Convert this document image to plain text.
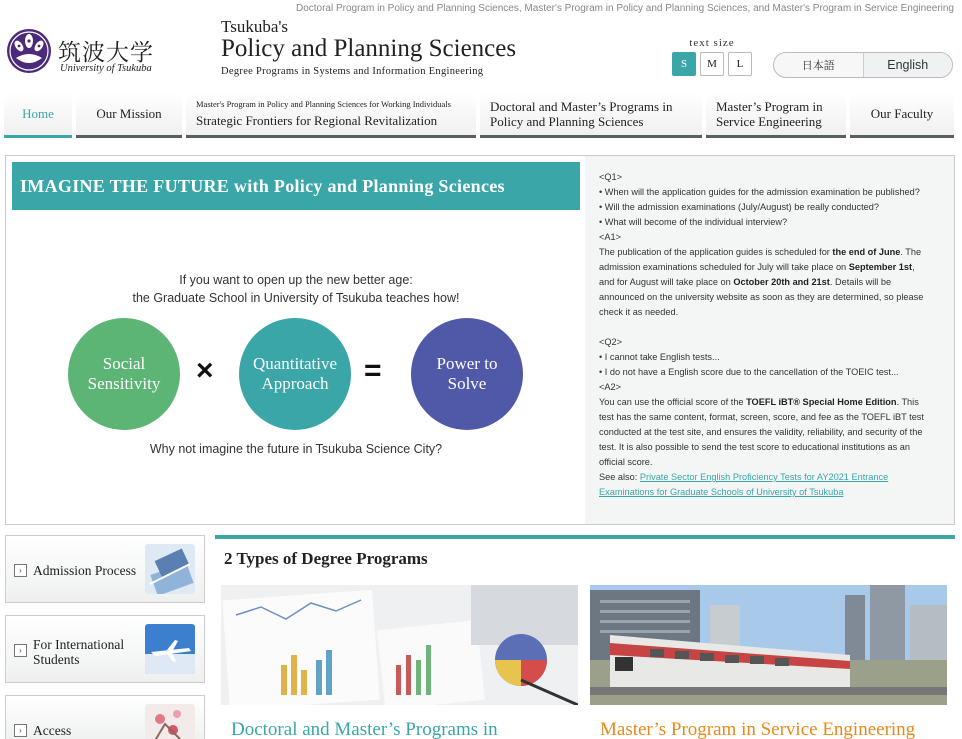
Doctoral Program in Policy and Planning Sciences, Master's Program in Policy and Planning Sciences, and Master's Program in Service Engineering
筑波大学
University of Tsukuba
Tsukuba's
Policy and Planning Sciences
Degree Programs in Systems and Information Engineering
text size
S	M	L	日本語	English
Home	Our Mission
Master's Program in Policy and Planning Sciences for Working Individuals
Strategic Frontiers for Regional Revitalization
Doctoral and Master’s Programs in
Policy and Planning Sciences
Master’s Program in
Service Engineering	Our Faculty
IMAGINE THE FUTURE with Policy and Planning Sciences
If you want to open up the new better age:
the Graduate School in University of Tsukuba teaches how!
Social
Sensitivity × Quantitative
Approach =	Power to
Solve
Why not imagine the future in Tsukuba Science City?
<Q1>
• When will the application guides for the admission examination be published?
• Will the admission examinations (July/August) be really conducted?
• What will become of the individual interview?
<A1>
The publication of the application guides is scheduled for the end of June. The admission examinations scheduled for July will take place on September 1st, and for August will take place on October 20th and 21st. Details will be announced on the university website as soon as they are determined, so please check it as needed.
<Q2>
• I cannot take English tests...
• I do not have a English score due to the cancellation of the TOEIC test...
<A2>
You can use the official score of the TOEFL iBT® Special Home Edition. This test has the same content, format, screen, score, and fee as the TOEFL iBT test conducted at the test site, and ensures the validity, reliability, and security of the test. It is also possible to send the test score to educational institutions as an official score.
See also: Private Sector English Proficiency Tests for AY2021 Entrance Examinations for Graduate Schools of University of Tsukuba
› Admission Process
› For International
Students
› Access
2 Types of Degree Programs
Doctoral and Master’s Programs in	Master’s Program in Service Engineering
